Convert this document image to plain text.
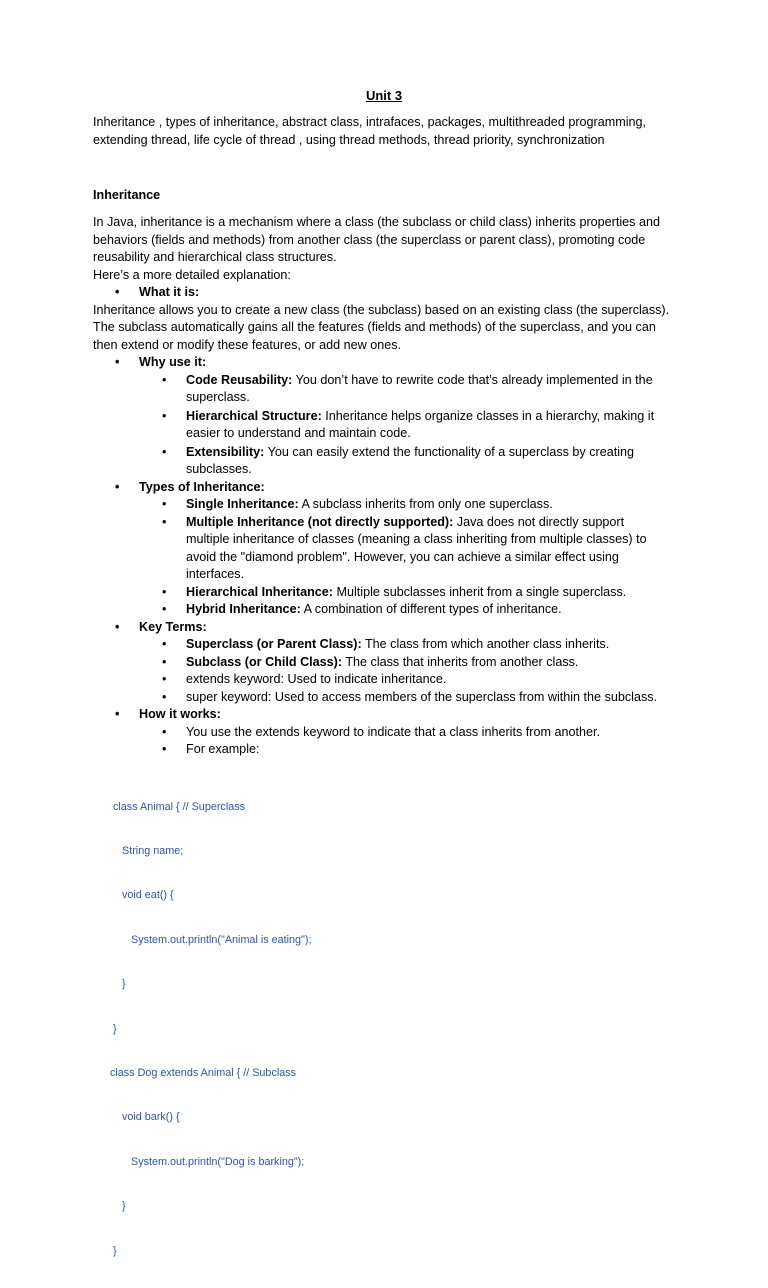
Unit 3

Inheritance , types of inheritance, abstract class, intrafaces, packages, multithreaded programming, extending thread, life cycle of thread , using thread methods, thread priority, synchronization

Inheritance

In Java, inheritance is a mechanism where a class (the subclass or child class) inherits properties and behaviors (fields and methods) from another class (the superclass or parent class), promoting code reusability and hierarchical class structures.
Here’s a more detailed explanation:

• What it is:

Inheritance allows you to create a new class (the subclass) based on an existing class (the superclass). The subclass automatically gains all the features (fields and methods) of the superclass, and you can then extend or modify these features, or add new ones.

• Why use it:

• Code Reusability: You don’t have to rewrite code that’s already implemented in the superclass.

• Hierarchical Structure: Inheritance helps organize classes in a hierarchy, making it easier to understand and maintain code.

• Extensibility: You can easily extend the functionality of a superclass by creating subclasses.

• Types of Inheritance:

• Single Inheritance: A subclass inherits from only one superclass.

• Multiple Inheritance (not directly supported): Java does not directly support multiple inheritance of classes (meaning a class inheriting from multiple classes) to avoid the "diamond problem". However, you can achieve a similar effect using interfaces.

• Hierarchical Inheritance: Multiple subclasses inherit from a single superclass.

• Hybrid Inheritance: A combination of different types of inheritance.

• Key Terms:

• Superclass (or Parent Class): The class from which another class inherits.

• Subclass (or Child Class): The class that inherits from another class.

• extends keyword: Used to indicate inheritance.

• super keyword: Used to access members of the superclass from within the subclass.

• How it works:

• You use the extends keyword to indicate that a class inherits from another.

• For example:

class Animal { // Superclass

String name;

void eat() {

System.out.println("Animal is eating");

}

}

class Dog extends Animal { // Subclass

void bark() {

System.out.println("Dog is barking");

}

}
